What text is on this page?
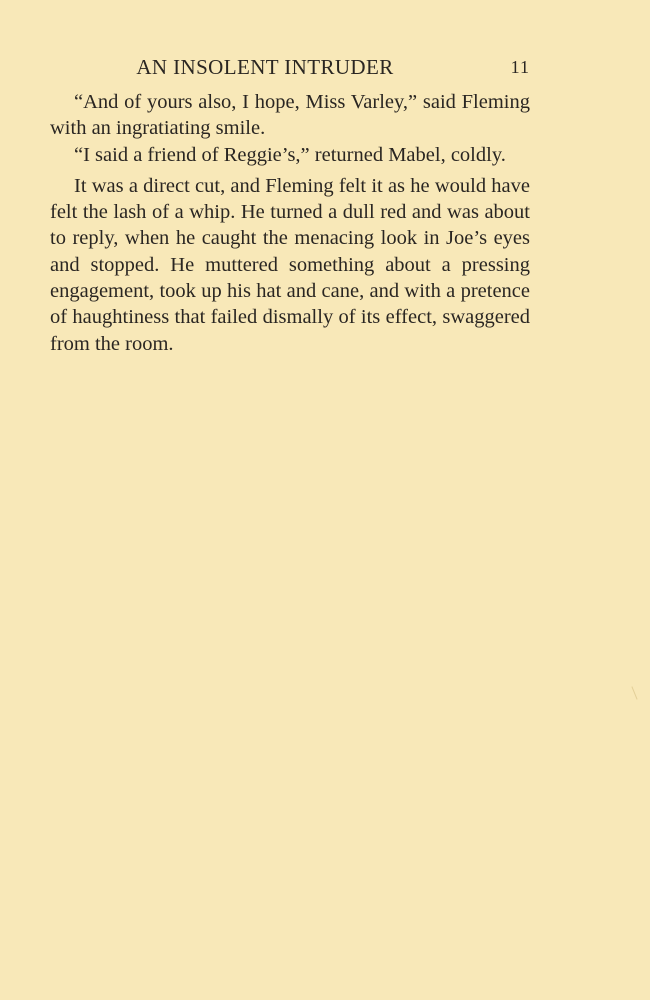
AN INSOLENT INTRUDER	11

“And of yours also, I hope, Miss Varley,” said Fleming with an ingratiating smile.

“I said a friend of Reggie’s,” returned Mabel, coldly.

It was a direct cut, and Fleming felt it as he would have felt the lash of a whip. He turned a dull red and was about to reply, when he caught the menacing look in Joe’s eyes and stopped. He muttered something about a pressing engagement, took up his hat and cane, and with a pretence of haughtiness that failed dismally of its effect, swaggered from the room.
